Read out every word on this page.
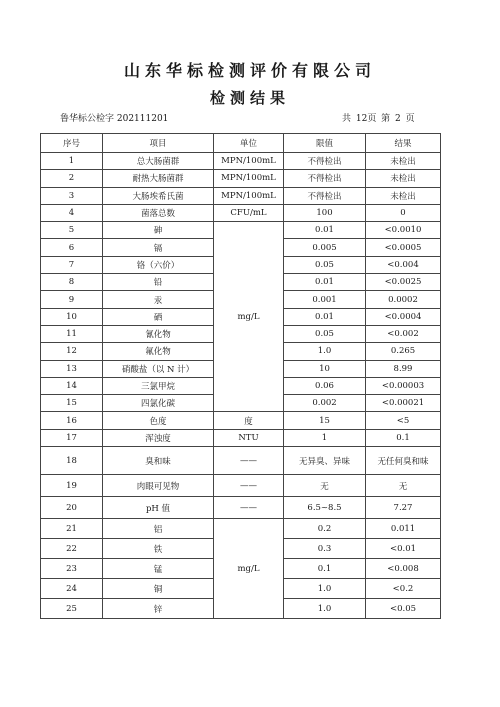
山东华标检测评价有限公司
检测结果
鲁华标公检字 202111201	共 12页 第 2 页
序号	项目	单位	限值	结果
1	总大肠菌群	MPN/100mL	不得检出	未检出
2	耐热大肠菌群	MPN/100mL	不得检出	未检出
3	大肠埃希氏菌	MPN/100mL	不得检出	未检出
4	菌落总数	CFU/mL	100	0
5	砷	mg/L	0.01	<0.0010
6	镉		0.005	<0.0005
7	铬（六价）		0.05	<0.004
8	铅		0.01	<0.0025
9	汞		0.001	0.0002
10	硒		0.01	<0.0004
11	氰化物		0.05	<0.002
12	氟化物		1.0	0.265
13	硝酸盐（以 N 计）		10	8.99
14	三氯甲烷		0.06	<0.00003
15	四氯化碳		0.002	<0.00021
16	色度	度	15	<5
17	浑浊度	NTU	1	0.1
18	臭和味	——	无异臭、异味	无任何臭和味
19	肉眼可见物	——	无	无
20	pH 值	——	6.5~8.5	7.27
21	铝	mg/L	0.2	0.011
22	铁		0.3	<0.01
23	锰		0.1	<0.008
24	铜		1.0	<0.2
25	锌		1.0	<0.05
